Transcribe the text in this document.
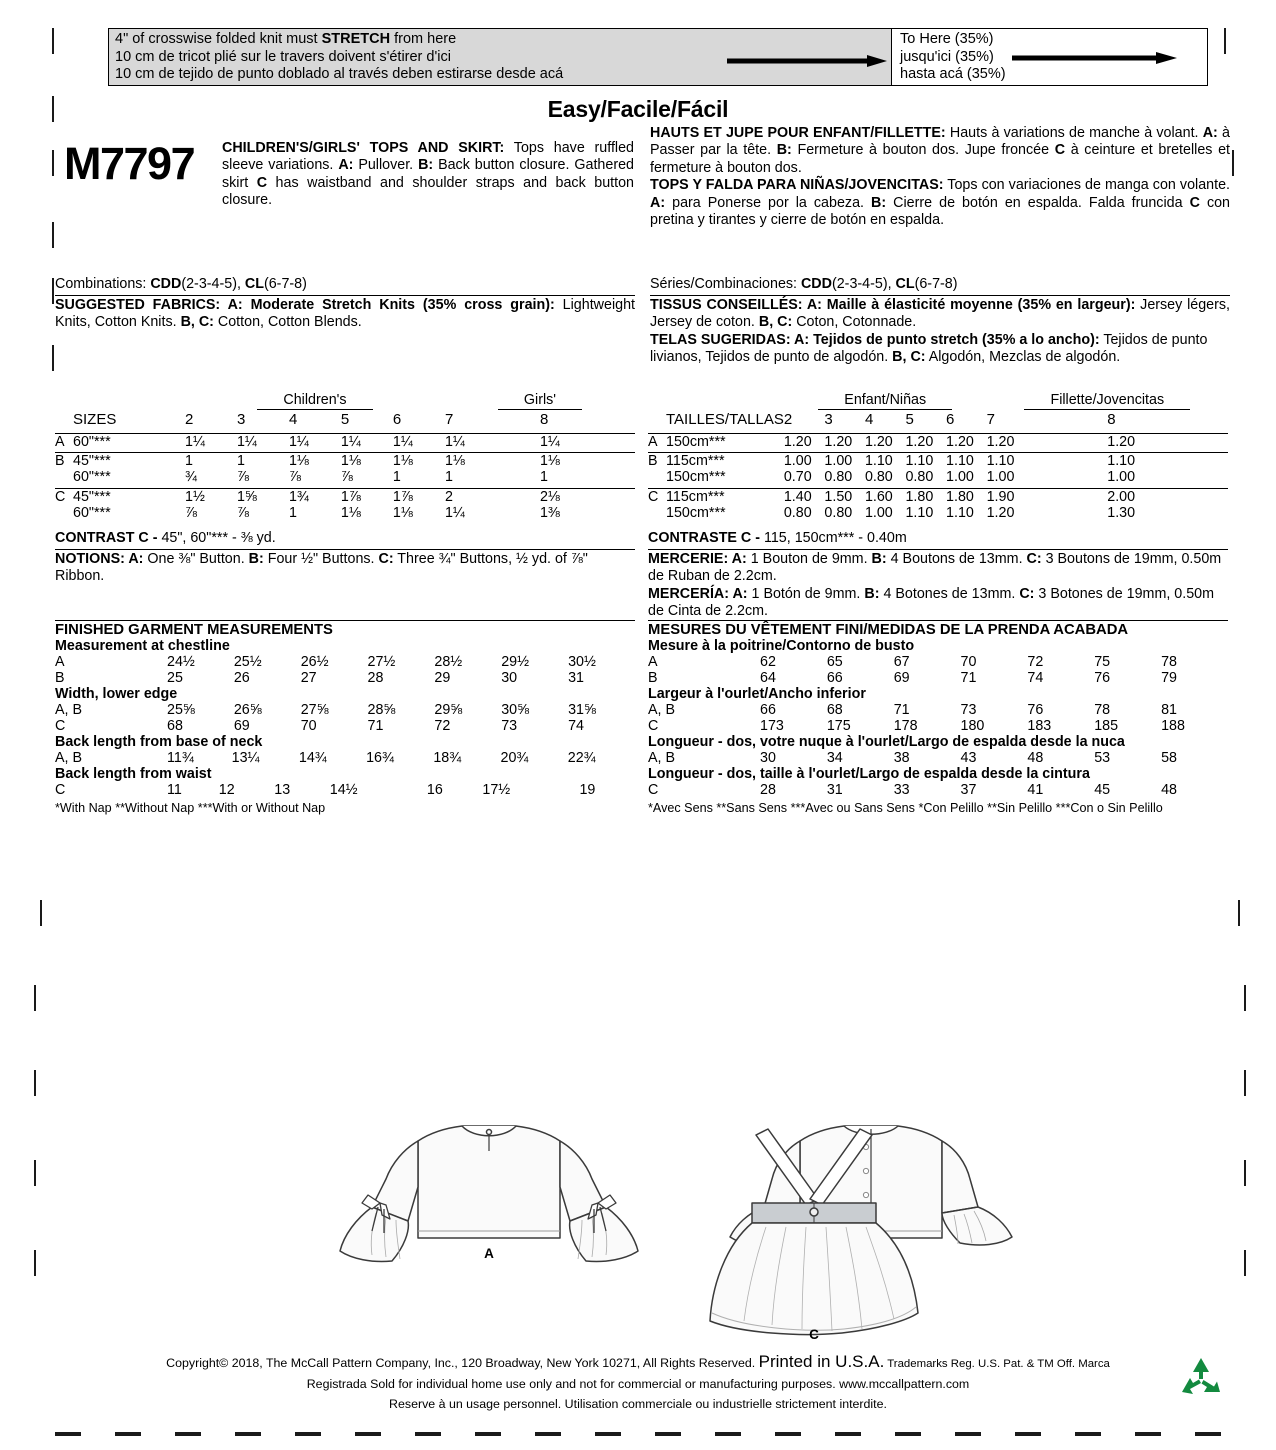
4" of crosswise folded knit must STRETCH from here
10 cm de tricot plié sur le travers doivent s'étirer d'ici
10 cm de tejido de punto doblado al través deben estirarse desde acá
To Here (35%)
jusqu'ici (35%)
hasta acá (35%)
Easy/Facile/Fácil
M7797 CHILDREN'S/GIRLS' TOPS AND SKIRT: Tops have ruffled sleeve variations. A: Pullover. B: Back button closure. Gathered skirt C has waistband and shoulder straps and back button closure.

HAUTS ET JUPE POUR ENFANT/FILLETTE: Hauts à variations de manche à volant. A: à Passer par la tête. B: Fermeture à bouton dos. Jupe froncée C à ceinture et bretelles et fermeture à bouton dos.

TOPS Y FALDA PARA NIÑAS/JOVENCITAS: Tops con variaciones de manga con volante. A: para Ponerse por la cabeza. B: Cierre de botón en espalda. Falda fruncida C con pretina y tirantes y cierre de botón en espalda.

Combinations: CDD(2-3-4-5), CL(6-7-8)

SUGGESTED FABRICS: A: Moderate Stretch Knits (35% cross grain): Lightweight Knits, Cotton Knits. B, C: Cotton, Cotton Blends.

Séries/Combinaciones: CDD(2-3-4-5), CL(6-7-8)

TISSUS CONSEILLÉS: A: Maille à élasticité moyenne (35% en largeur): Jersey légers, Jersey de coton. B, C: Coton, Cotonnade.

TELAS SUGERIDAS: A: Tejidos de punto stretch (35% a lo ancho): Tejidos de punto livianos, Tejidos de punto de algodón. B, C: Algodón, Mezclas de algodón.

		Children's					Girls'	
	SIZES	2	3	4	5	6	7	8

A	60"***	1¼	1¼	1¼	1¼	1¼	1¼	1¼

B	45"***	1	1	1⅛	1⅛	1⅛	1⅛	1⅛
	60"***	¾	⅞	⅞	⅞	1	1	1

C	45"***	1½	1⅝	1¾	1⅞	1⅞	2	2⅛
	60"***	⅞	⅞	1	1⅛	1⅛	1¼	1⅜
		Enfant/Niñas					Fillette/Jovencitas	
	TAILLES/TALLAS	2	3	4	5	6	7	8

A	150cm***	1.20	1.20	1.20	1.20	1.20	1.20	1.20

B	115cm***	1.00	1.00	1.10	1.10	1.10	1.10	1.10
	150cm***	0.70	0.80	0.80	0.80	1.00	1.00	1.00

C	115cm***	1.40	1.50	1.60	1.80	1.80	1.90	2.00
	150cm***	0.80	0.80	1.00	1.10	1.10	1.20	1.30

CONTRAST C - 45", 60"*** - ⅜ yd.

NOTIONS: A: One ⅜" Button. B: Four ½" Buttons. C: Three ¾" Buttons, ½ yd. of ⅞" Ribbon.

CONTRASTE C - 115, 150cm*** - 0.40m

MERCERIE: A: 1 Bouton de 9mm. B: 4 Boutons de 13mm. C: 3 Boutons de 19mm, 0.50m de Ruban de 2.2cm.

MERCERÍA: A: 1 Botón de 9mm. B: 4 Botones de 13mm. C: 3 Botones de 19mm, 0.50m de Cinta de 2.2cm.

FINISHED GARMENT MEASUREMENTS
Measurement at chestline
A	24½	25½	26½	27½	28½	29½	30½
B	25	26	27	28	29	30	31
Width, lower edge
A, B	25⅝	26⅝	27⅝	28⅝	29⅝	30⅝	31⅝
C	68	69	70	71	72	73	74
Back length from base of neck
A, B	11¾	13¼	14¾	16¾	18¾	20¾	22¾
Back length from waist
C	11	12	13	14½	16	17½	19
*With Nap **Without Nap ***With or Without Nap
MESURES DU VÊTEMENT FINI/MEDIDAS DE LA PRENDA ACABADA
Mesure à la poitrine/Contorno de busto
A	62	65	67	70	72	75	78
B	64	66	69	71	74	76	79
Largeur à l'ourlet/Ancho inferior
A, B	66	68	71	73	76	78	81
C	173	175	178	180	183	185	188
Longueur - dos, votre nuque à l'ourlet/Largo de espalda desde la nuca
A, B	30	34	38	43	48	53	58
Longueur - dos, taille à l'ourlet/Largo de espalda desde la cintura
C	28	31	33	37	41	45	48
*Avec Sens **Sans Sens ***Avec ou Sans Sens *Con Pelillo **Sin Pelillo ***Con o Sin Pelillo
A
C
Copyright© 2018, The McCall Pattern Company, Inc., 120 Broadway, New York 10271, All Rights Reserved. Printed in U.S.A. Trademarks Reg. U.S. Pat. & TM Off. Marca
Registrada Sold for individual home use only and not for commercial or manufacturing purposes. www.mccallpattern.com
Reserve à un usage personnel. Utilisation commerciale ou industrielle strictement interdite.
